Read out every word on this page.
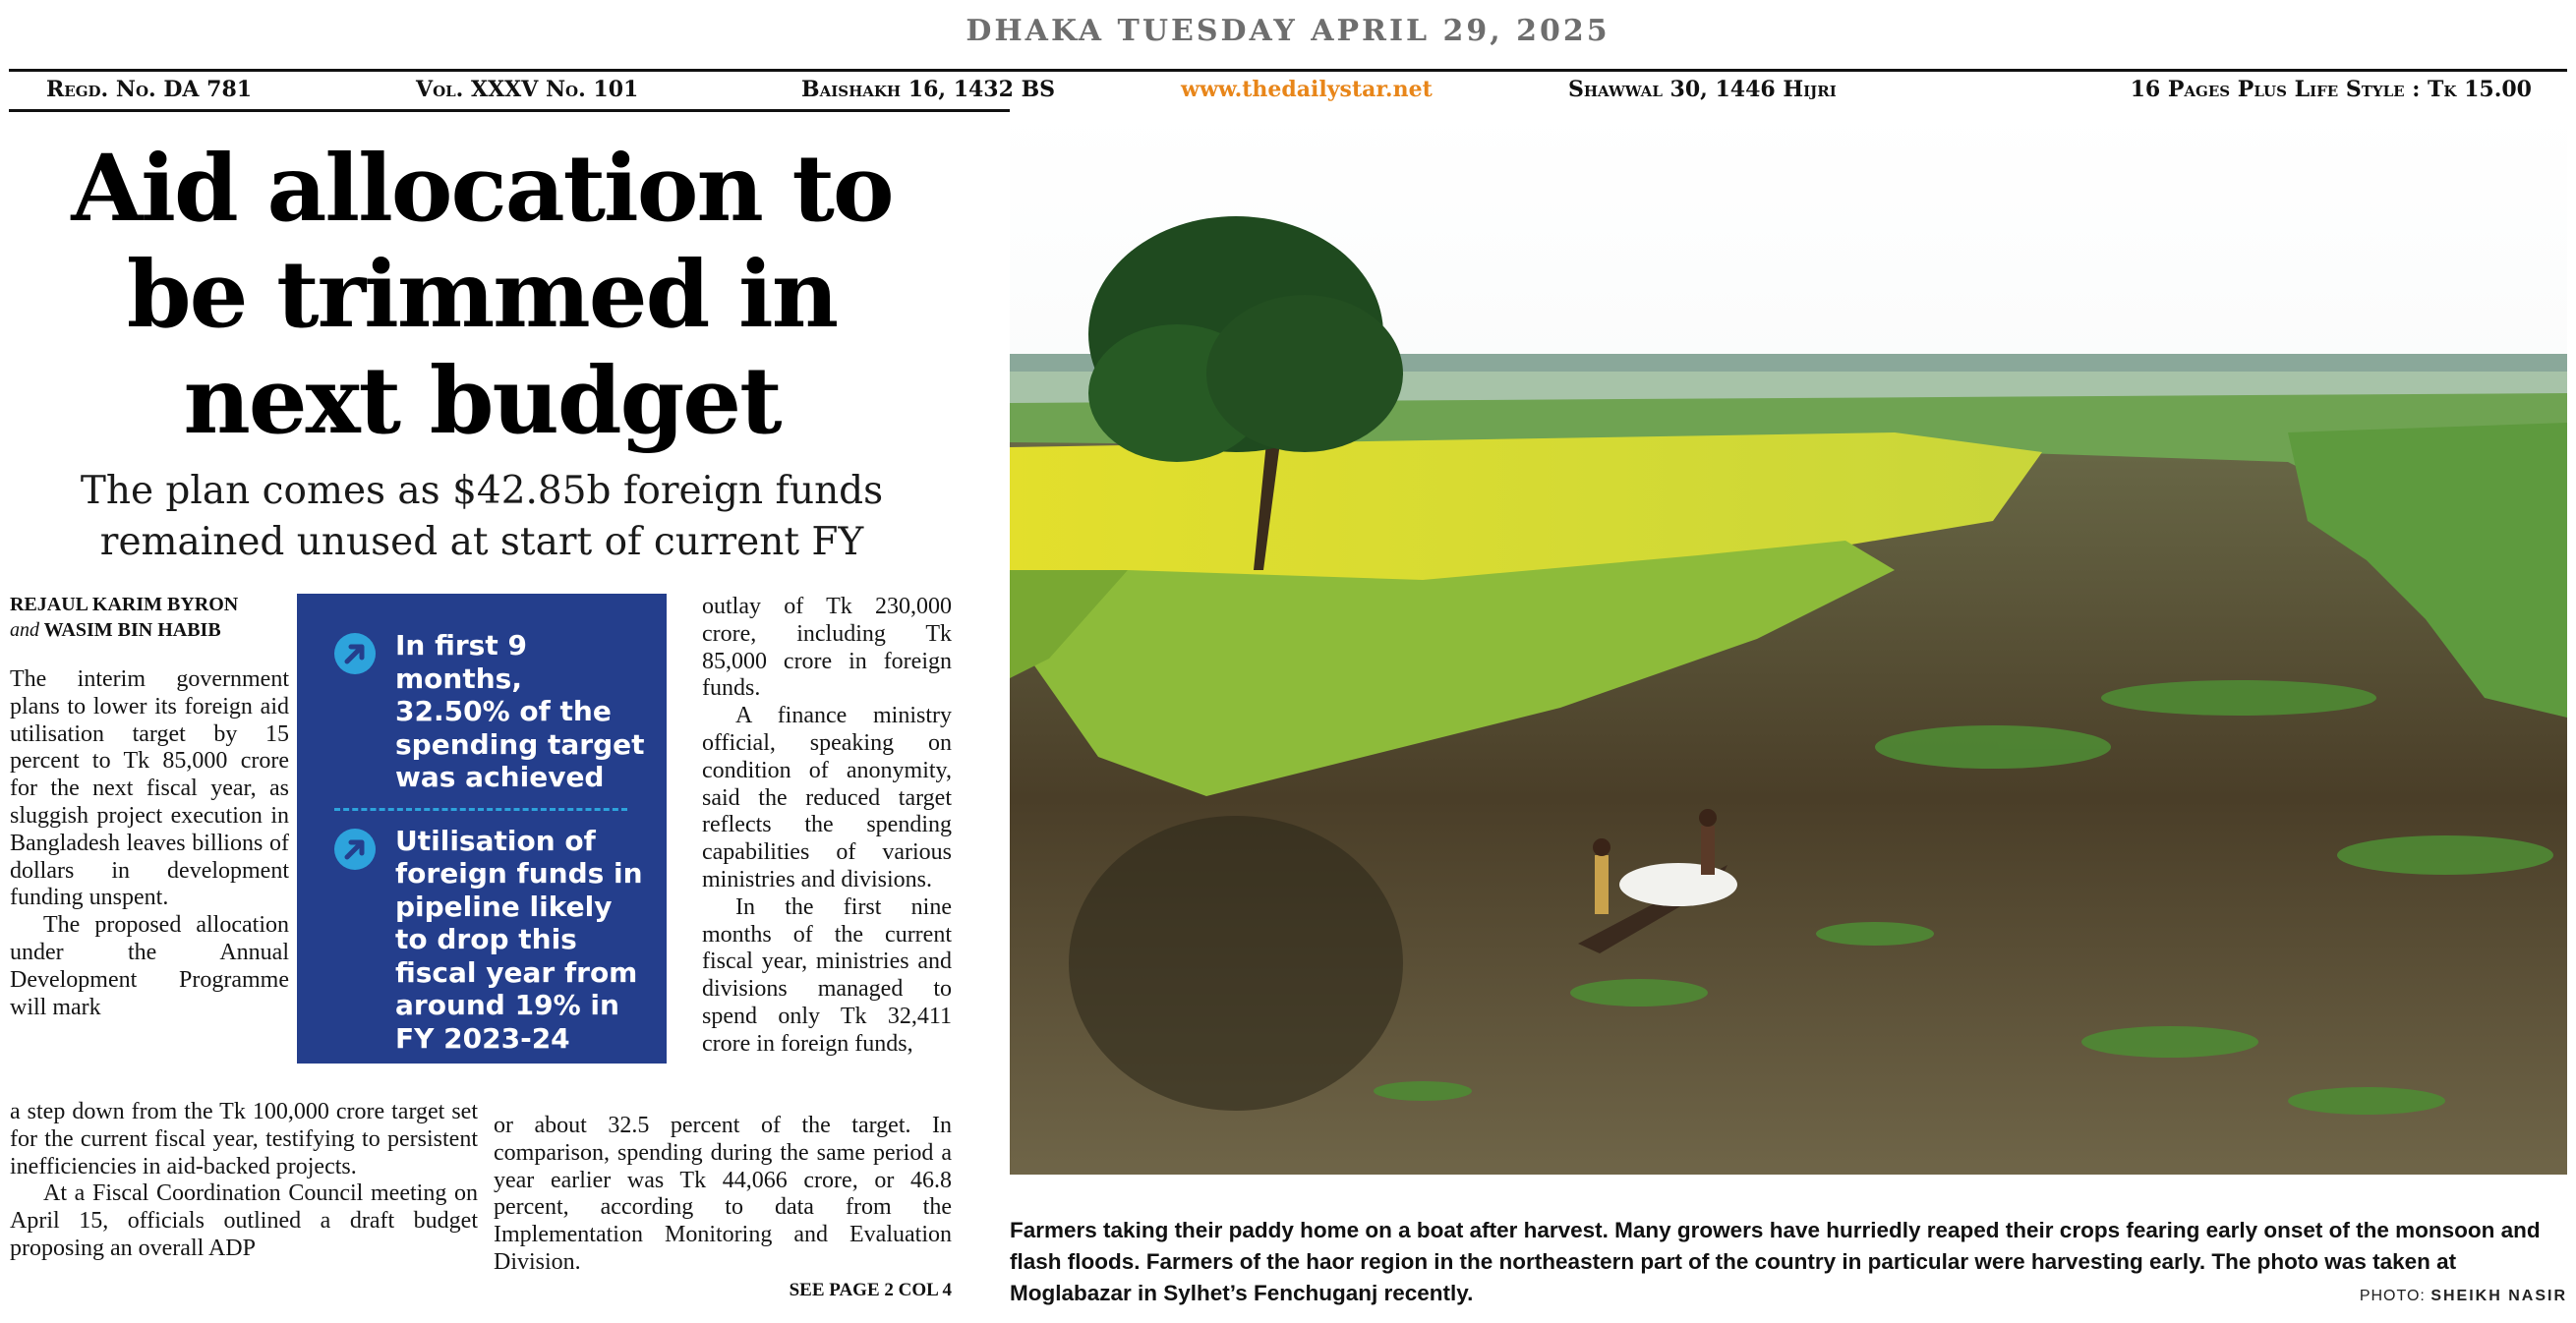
DHAKA TUESDAY APRIL 29, 2025
Regd. No. DA 781	Vol. XXXV No. 101	Baishakh 16, 1432 BS	www.thedailystar.net	Shawwal 30, 1446 Hijri	16 Pages Plus Life Style : Tk 15.00
Aid allocation to
be trimmed in
next budget
The plan comes as $42.85b foreign funds
remained unused at start of current FY
REJAUL KARIM BYRON
and WASIM BIN HABIB

The interim government plans to lower its foreign aid utilisation target by 15 percent to Tk 85,000 crore for the next fiscal year, as sluggish project execution in Bangladesh leaves billions of dollars in development funding unspent.

The proposed allocation under the Annual Development Programme will mark

a step down from the Tk 100,000 crore target set for the current fiscal year, testifying to persistent inefficiencies in aid-backed projects.

At a Fiscal Coordination Council meeting on April 15, officials outlined a draft budget proposing an overall ADP

In first 9 months, 32.50% of the spending target was achieved
Utilisation of foreign funds in pipeline likely to drop this fiscal year from around 19% in FY 2023-24

outlay of Tk 230,000 crore, including Tk 85,000 crore in foreign funds.

A finance ministry official, speaking on condition of anonymity, said the reduced target reflects the spending capabilities of various ministries and divisions.

In the first nine months of the current fiscal year, ministries and divisions managed to spend only Tk 32,411 crore in foreign funds,

or about 32.5 percent of the target. In comparison, spending during the same period a year earlier was Tk 44,066 crore, or 46.8 percent, according to data from the Implementation Monitoring and Evaluation Division.

SEE PAGE 2 COL 4
Farmers taking their paddy home on a boat after harvest. Many growers have hurriedly reaped their crops fearing early onset of the monsoon and flash floods. Farmers of the haor region in the northeastern part of the country in particular were harvesting early. The photo was taken at Moglabazar in Sylhet’s Fenchuganj recently.	PHOTO: SHEIKH NASIR
